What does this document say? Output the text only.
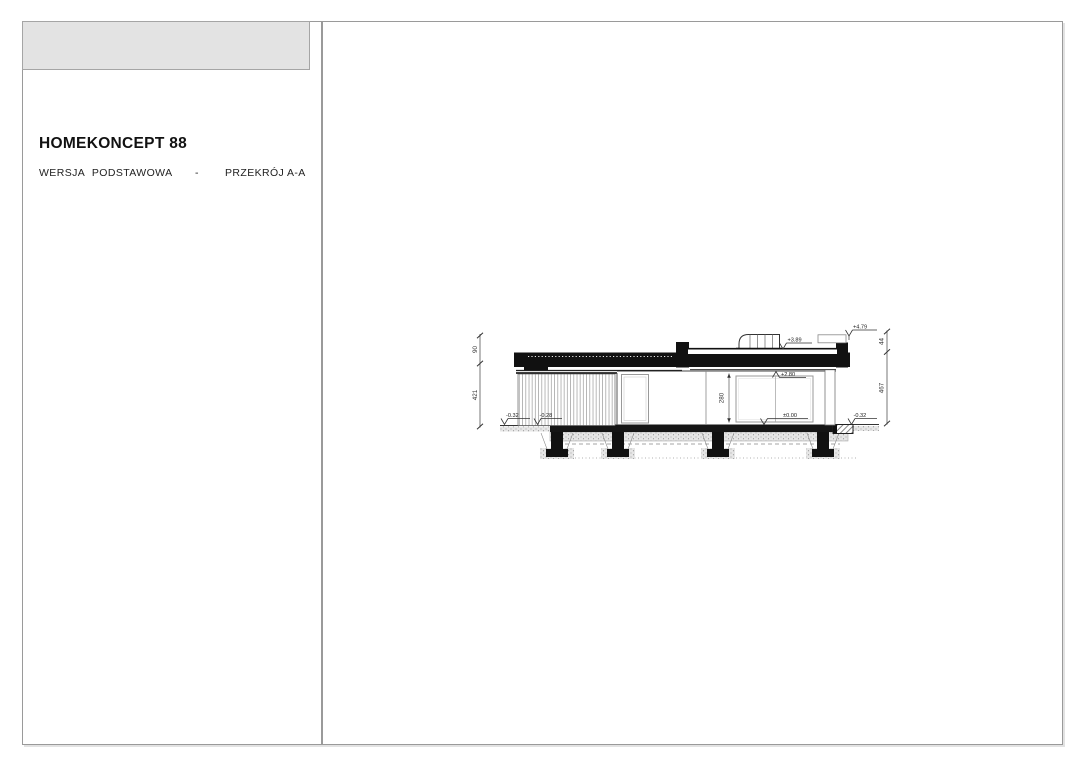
HOMEKONCEPT 88
WERSJA PODSTAWOWA - PRZEKRÓJ A-A
90
421
44
467
280
+4.79
+3.89
+2.80
±0.00
-0.32	-0.28	-0.32
